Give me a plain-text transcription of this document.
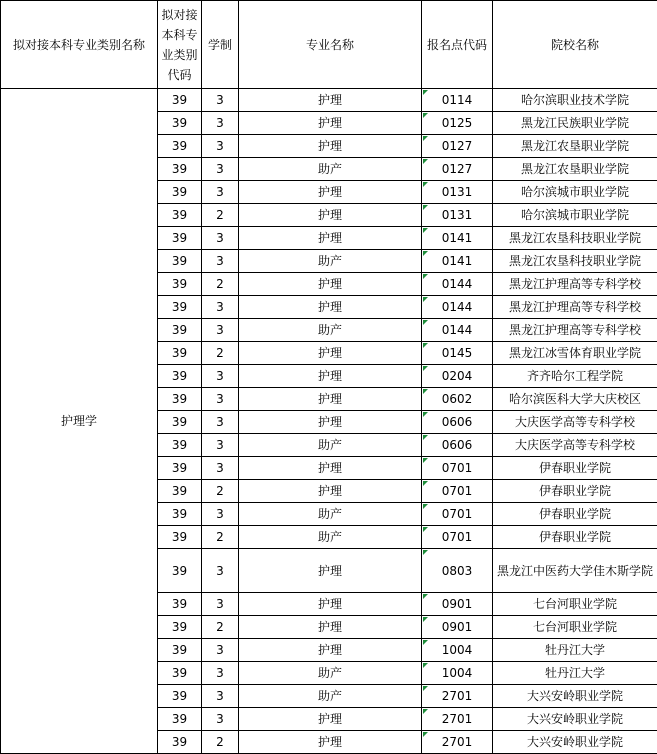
拟对接本科专业类别名称	拟对接本科专业类别代码	学制	专业名称	报名点代码	院校名称
护理学	39	3	护理	0114	哈尔滨职业技术学院
	39	3	护理	0125	黑龙江民族职业学院
	39	3	护理	0127	黑龙江农垦职业学院
	39	3	助产	0127	黑龙江农垦职业学院
	39	3	护理	0131	哈尔滨城市职业学院
	39	2	护理	0131	哈尔滨城市职业学院
	39	3	护理	0141	黑龙江农垦科技职业学院
	39	3	助产	0141	黑龙江农垦科技职业学院
	39	2	护理	0144	黑龙江护理高等专科学校
	39	3	护理	0144	黑龙江护理高等专科学校
	39	3	助产	0144	黑龙江护理高等专科学校
	39	2	护理	0145	黑龙江冰雪体育职业学院
	39	3	护理	0204	齐齐哈尔工程学院
	39	3	护理	0602	哈尔滨医科大学大庆校区
	39	3	护理	0606	大庆医学高等专科学校
	39	3	助产	0606	大庆医学高等专科学校
	39	3	护理	0701	伊春职业学院
	39	2	护理	0701	伊春职业学院
	39	3	助产	0701	伊春职业学院
	39	2	助产	0701	伊春职业学院
	39	3	护理	0803	黑龙江中医药大学佳木斯学院
	39	3	护理	0901	七台河职业学院
	39	2	护理	0901	七台河职业学院
	39	3	护理	1004	牡丹江大学
	39	3	助产	1004	牡丹江大学
	39	3	助产	2701	大兴安岭职业学院
	39	3	护理	2701	大兴安岭职业学院
	39	2	护理	2701	大兴安岭职业学院
